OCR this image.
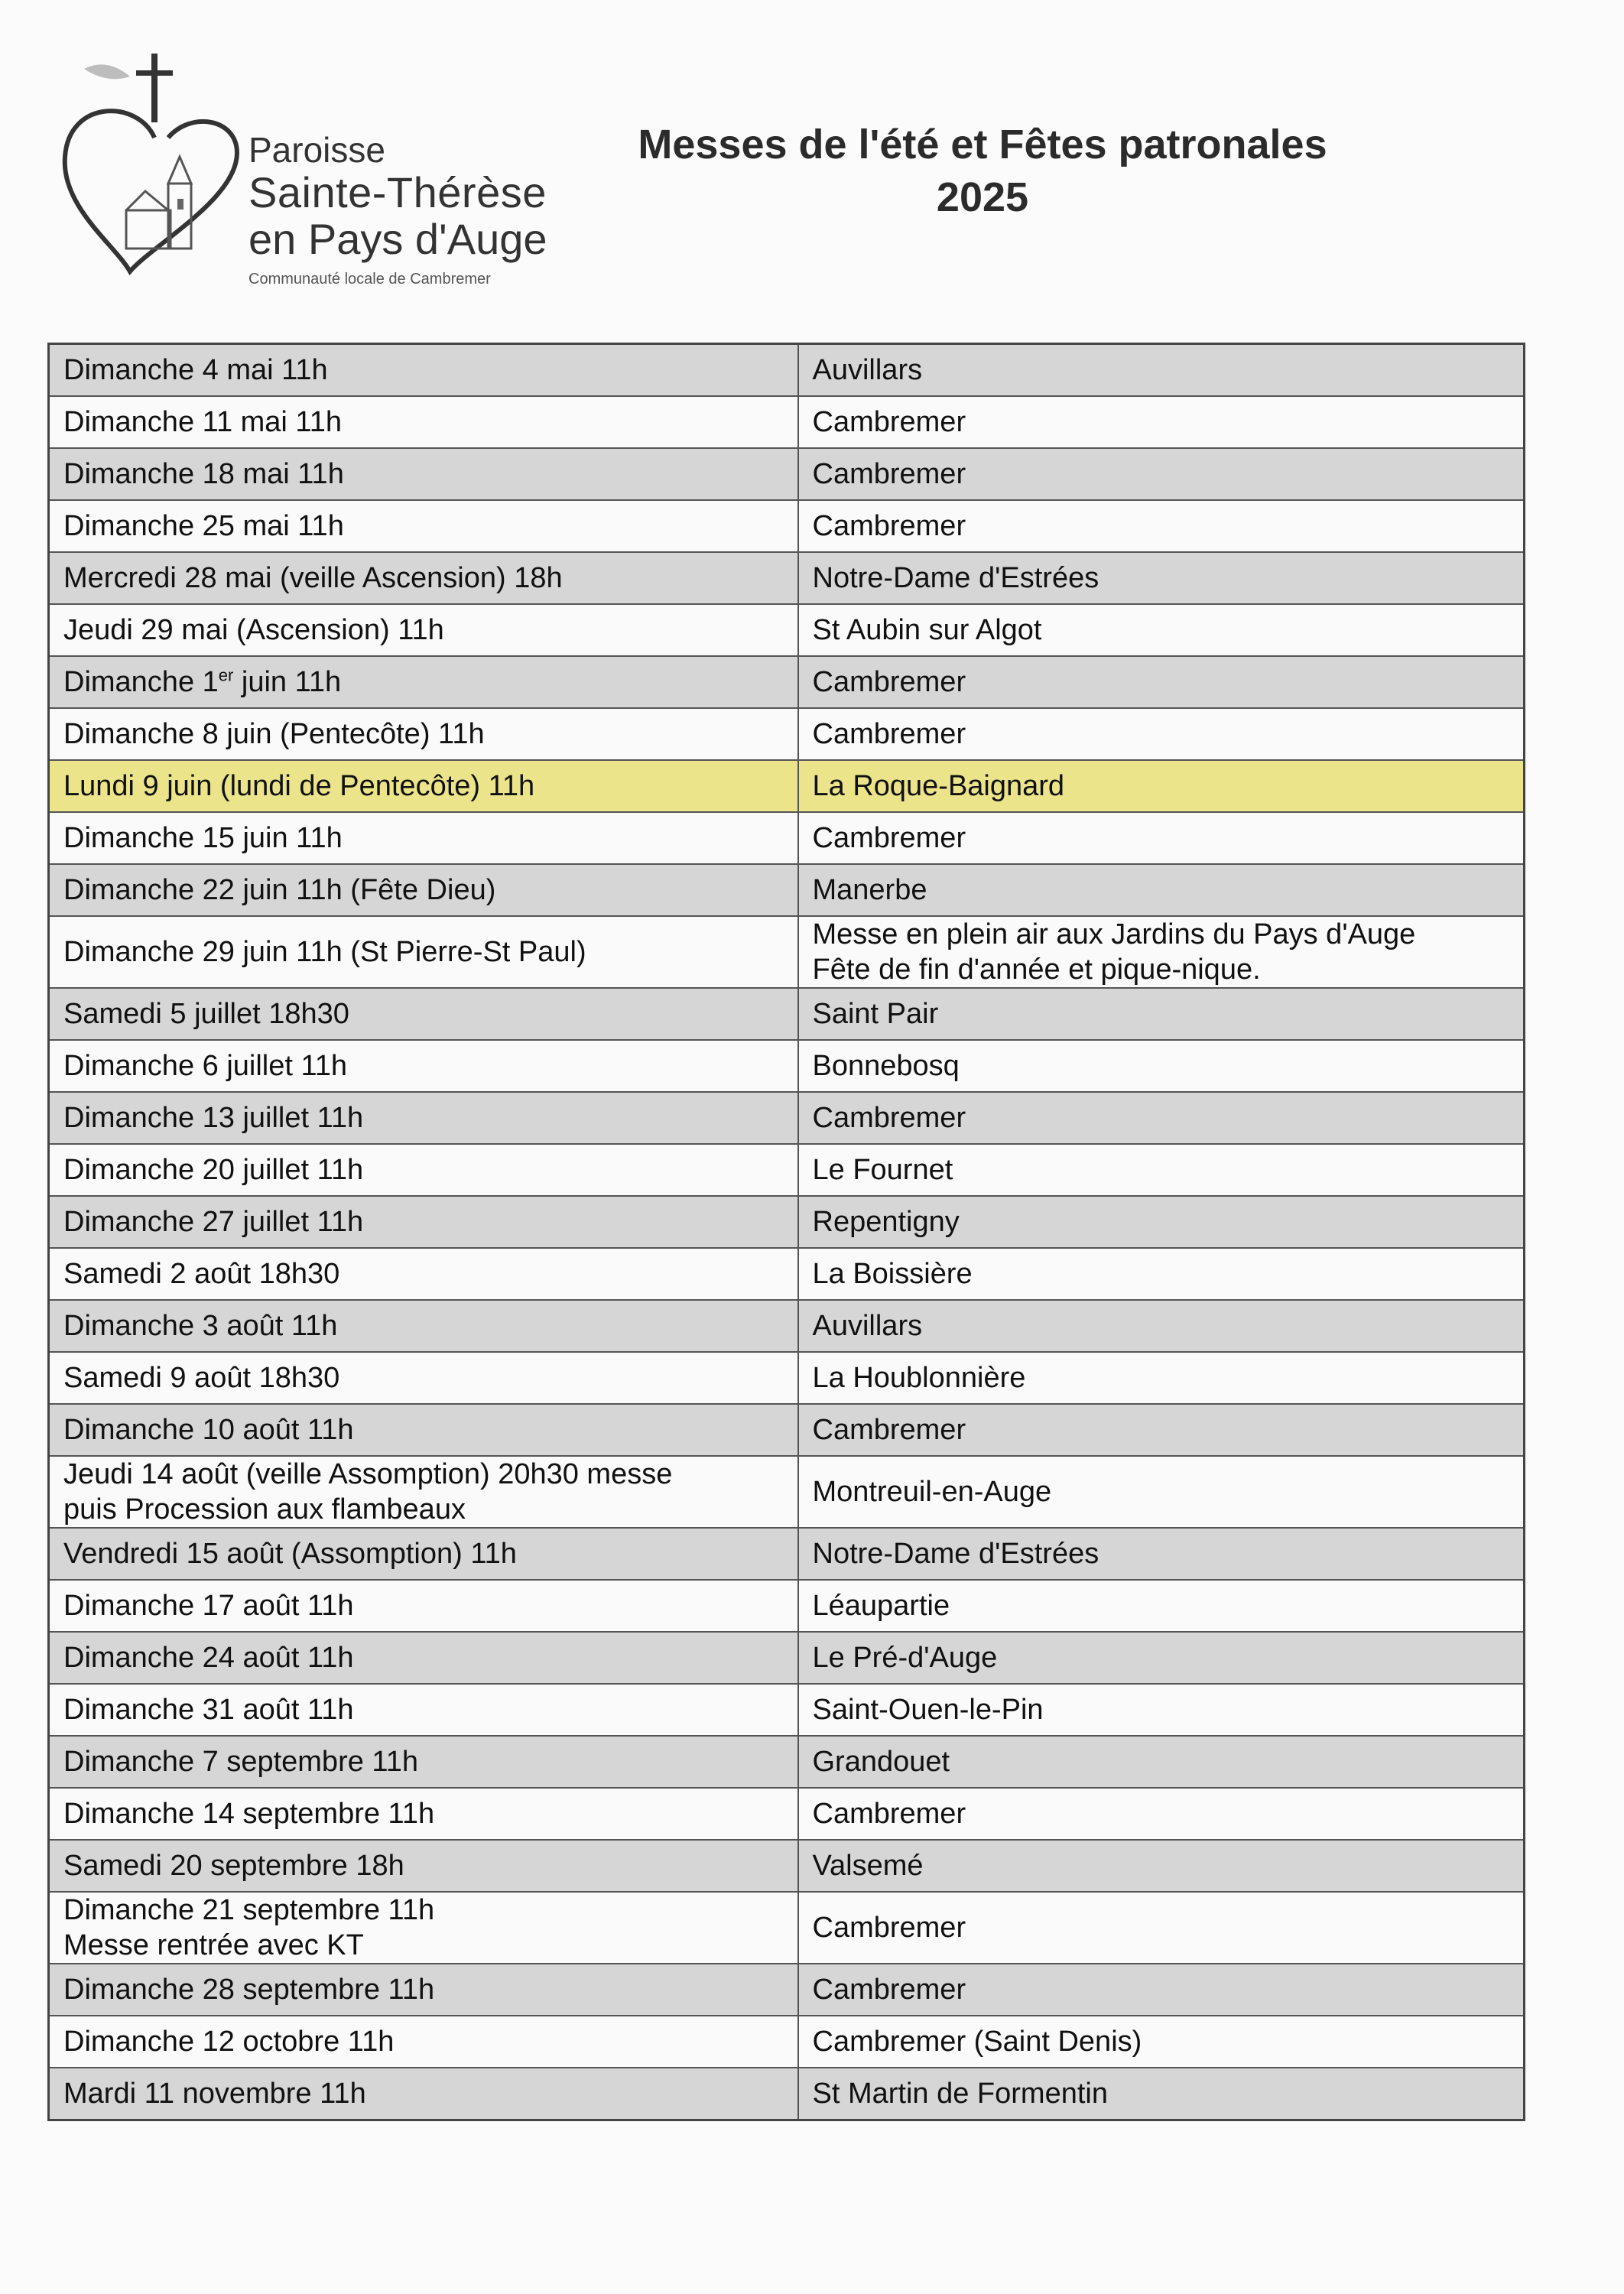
Paroisse
Sainte-Thérèse
en Pays d'Auge
Communauté locale de Cambremer
Messes de l'été et Fêtes patronales
2025
Dimanche 4 mai 11h	Auvillars

Dimanche 11 mai 11h	Cambremer

Dimanche 18 mai 11h	Cambremer

Dimanche 25 mai 11h	Cambremer

Mercredi 28 mai (veille Ascension) 18h	Notre-Dame d'Estrées

Jeudi 29 mai (Ascension) 11h	St Aubin sur Algot

Dimanche 1er juin 11h	Cambremer

Dimanche 8 juin (Pentecôte) 11h	Cambremer

Lundi 9 juin (lundi de Pentecôte) 11h	La Roque-Baignard

Dimanche 15 juin 11h	Cambremer

Dimanche 22 juin 11h (Fête Dieu)	Manerbe

Dimanche 29 juin 11h (St Pierre-St Paul)	Messe en plein air aux Jardins du Pays d'Auge
Fête de fin d'année et pique-nique.

Samedi 5 juillet 18h30	Saint Pair

Dimanche 6 juillet 11h	Bonnebosq

Dimanche 13 juillet 11h	Cambremer

Dimanche 20 juillet 11h	Le Fournet

Dimanche 27 juillet 11h	Repentigny

Samedi 2 août 18h30	La Boissière

Dimanche 3 août 11h	Auvillars

Samedi 9 août 18h30	La Houblonnière

Dimanche 10 août 11h	Cambremer

Jeudi 14 août (veille Assomption) 20h30 messe
puis Procession aux flambeaux	Montreuil-en-Auge

Vendredi 15 août (Assomption) 11h	Notre-Dame d'Estrées

Dimanche 17 août 11h	Léaupartie

Dimanche 24 août 11h	Le Pré-d'Auge

Dimanche 31 août 11h	Saint-Ouen-le-Pin

Dimanche 7 septembre 11h	Grandouet

Dimanche 14 septembre 11h	Cambremer

Samedi 20 septembre 18h	Valsemé

Dimanche 21 septembre 11h
Messe rentrée avec KT	Cambremer

Dimanche 28 septembre 11h	Cambremer

Dimanche 12 octobre 11h	Cambremer (Saint Denis)

Mardi 11 novembre 11h	St Martin de Formentin
